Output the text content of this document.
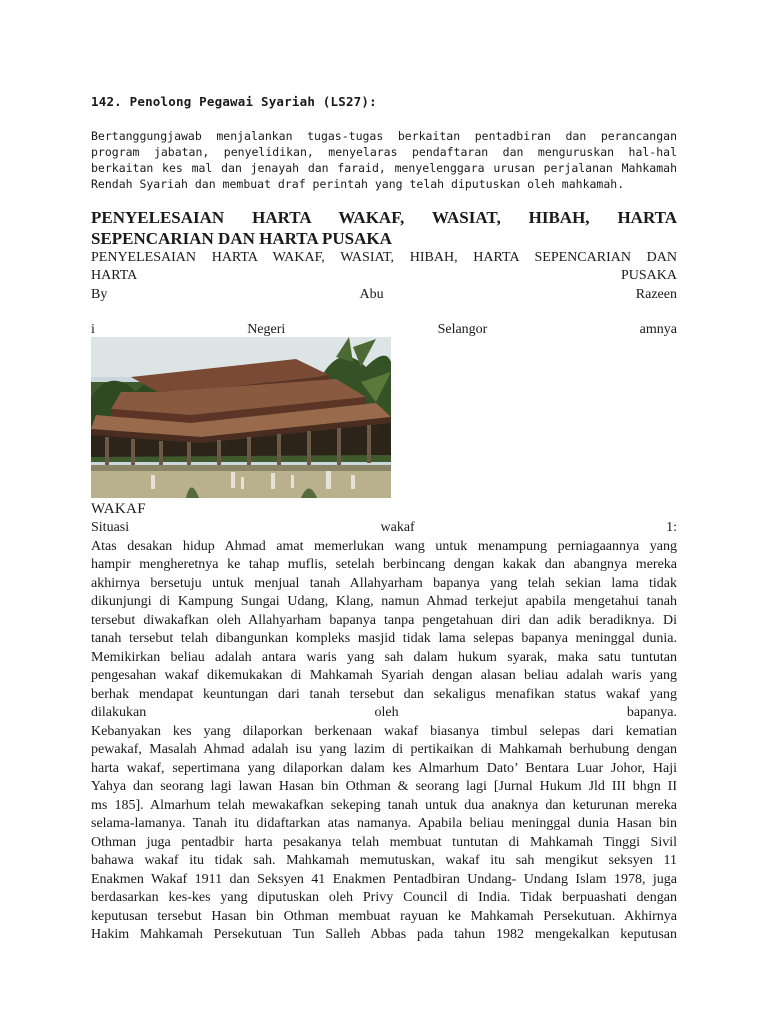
142. Penolong Pegawai Syariah (LS27):
Bertanggungjawab menjalankan tugas-tugas berkaitan pentadbiran dan perancangan program jabatan, penyelidikan, menyelaras pendaftaran dan menguruskan hal-hal berkaitan kes mal dan jenayah dan faraid, menyelenggara urusan perjalanan Mahkamah Rendah Syariah dan membuat draf perintah yang telah diputuskan oleh mahkamah.
PENYELESAIAN HARTA WAKAF, WASIAT, HIBAH, HARTA
SEPENCARIAN DAN HARTA PUSAKA
PENYELESAIAN HARTA WAKAF, WASIAT, HIBAH, HARTA SEPENCARIAN DAN
HARTA	PUSAKA
By	Abu	Razeen
i	Negeri	Selangor	amnya
WAKAF
Situasi	wakaf	1:
Atas desakan hidup Ahmad amat memerlukan wang untuk menampung perniagaannya yang
hampir mengheretnya ke tahap muflis, setelah berbincang dengan kakak dan abangnya mereka
akhirnya bersetuju untuk menjual tanah Allahyarham bapanya yang telah sekian lama tidak
dikunjungi di Kampung Sungai Udang, Klang, namun Ahmad terkejut apabila mengetahui tanah
tersebut diwakafkan oleh Allahyarham bapanya tanpa pengetahuan diri dan adik beradiknya. Di
tanah tersebut telah dibangunkan kompleks masjid tidak lama selepas bapanya meninggal dunia.
Memikirkan beliau adalah antara waris yang sah dalam hukum syarak, maka satu tuntutan
pengesahan wakaf dikemukakan di Mahkamah Syariah dengan alasan beliau adalah waris yang
berhak mendapat keuntungan dari tanah tersebut dan sekaligus menafikan status wakaf yang
dilakukan	oleh	bapanya.
Kebanyakan kes yang dilaporkan berkenaan wakaf biasanya timbul selepas dari kematian
pewakaf, Masalah Ahmad adalah isu yang lazim di pertikaikan di Mahkamah berhubung dengan
harta wakaf, sepertimana yang dilaporkan dalam kes Almarhum Dato’ Bentara Luar Johor, Haji
Yahya dan seorang lagi lawan Hasan bin Othman & seorang lagi [Jurnal Hukum Jld III bhgn II
ms 185]. Almarhum telah mewakafkan sekeping tanah untuk dua anaknya dan keturunan mereka
selama-lamanya. Tanah itu didaftarkan atas namanya. Apabila beliau meninggal dunia Hasan bin
Othman juga pentadbir harta pesakanya telah membuat tuntutan di Mahkamah Tinggi Sivil
bahawa wakaf itu tidak sah. Mahkamah memutuskan, wakaf itu sah mengikut seksyen 11
Enakmen Wakaf 1911 dan Seksyen 41 Enakmen Pentadbiran Undang- Undang Islam 1978, juga
berdasarkan kes-kes yang diputuskan oleh Privy Council di India. Tidak berpuashati dengan
keputusan tersebut Hasan bin Othman membuat rayuan ke Mahkamah Persekutuan. Akhirnya
Hakim Mahkamah Persekutuan Tun Salleh Abbas pada tahun 1982 mengekalkan keputusan
